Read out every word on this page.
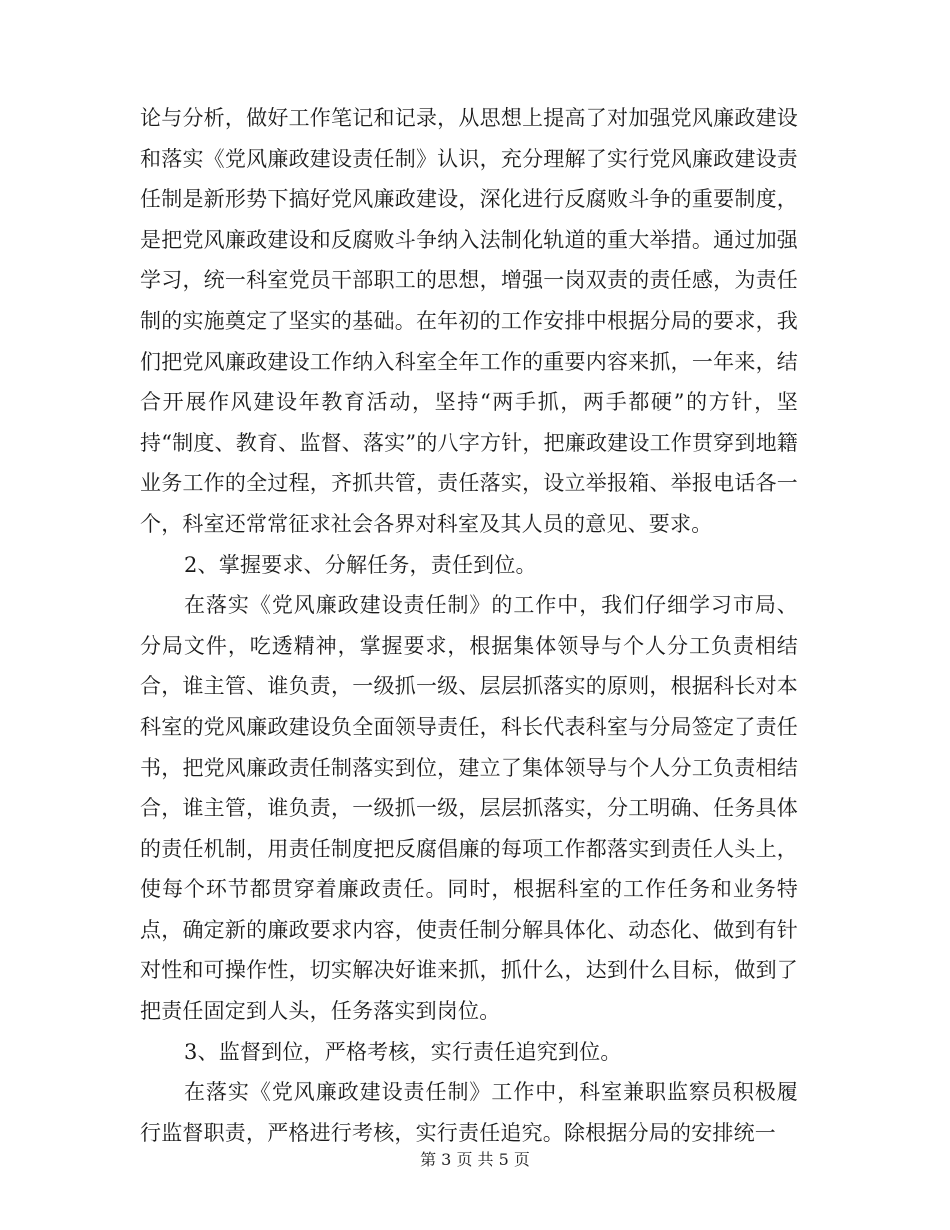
论与分析，做好工作笔记和记录，从思想上提高了对加强党风廉政建设和落实《党风廉政建设责任制》认识，充分理解了实行党风廉政建设责任制是新形势下搞好党风廉政建设，深化进行反腐败斗争的重要制度，是把党风廉政建设和反腐败斗争纳入法制化轨道的重大举措。通过加强学习，统一科室党员干部职工的思想，增强一岗双责的责任感，为责任制的实施奠定了坚实的基础。在年初的工作安排中根据分局的要求，我们把党风廉政建设工作纳入科室全年工作的重要内容来抓，一年来，结合开展作风建设年教育活动，坚持“两手抓，两手都硬”的方针，坚持“制度、教育、监督、落实”的八字方针，把廉政建设工作贯穿到地籍业务工作的全过程，齐抓共管，责任落实，设立举报箱、举报电话各一个，科室还常常征求社会各界对科室及其人员的意见、要求。

2、掌握要求、分解任务，责任到位。

在落实《党风廉政建设责任制》的工作中，我们仔细学习市局、分局文件，吃透精神，掌握要求，根据集体领导与个人分工负责相结合，谁主管、谁负责，一级抓一级、层层抓落实的原则，根据科长对本科室的党风廉政建设负全面领导责任，科长代表科室与分局签定了责任书，把党风廉政责任制落实到位，建立了集体领导与个人分工负责相结合，谁主管，谁负责，一级抓一级，层层抓落实，分工明确、任务具体的责任机制，用责任制度把反腐倡廉的每项工作都落实到责任人头上，使每个环节都贯穿着廉政责任。同时，根据科室的工作任务和业务特点，确定新的廉政要求内容，使责任制分解具体化、动态化、做到有针对性和可操作性，切实解决好谁来抓，抓什么，达到什么目标，做到了把责任固定到人头，任务落实到岗位。

3、监督到位，严格考核，实行责任追究到位。

在落实《党风廉政建设责任制》工作中，科室兼职监察员积极履行监督职责，严格进行考核，实行责任追究。除根据分局的安排统一

第 3 页 共 5 页
